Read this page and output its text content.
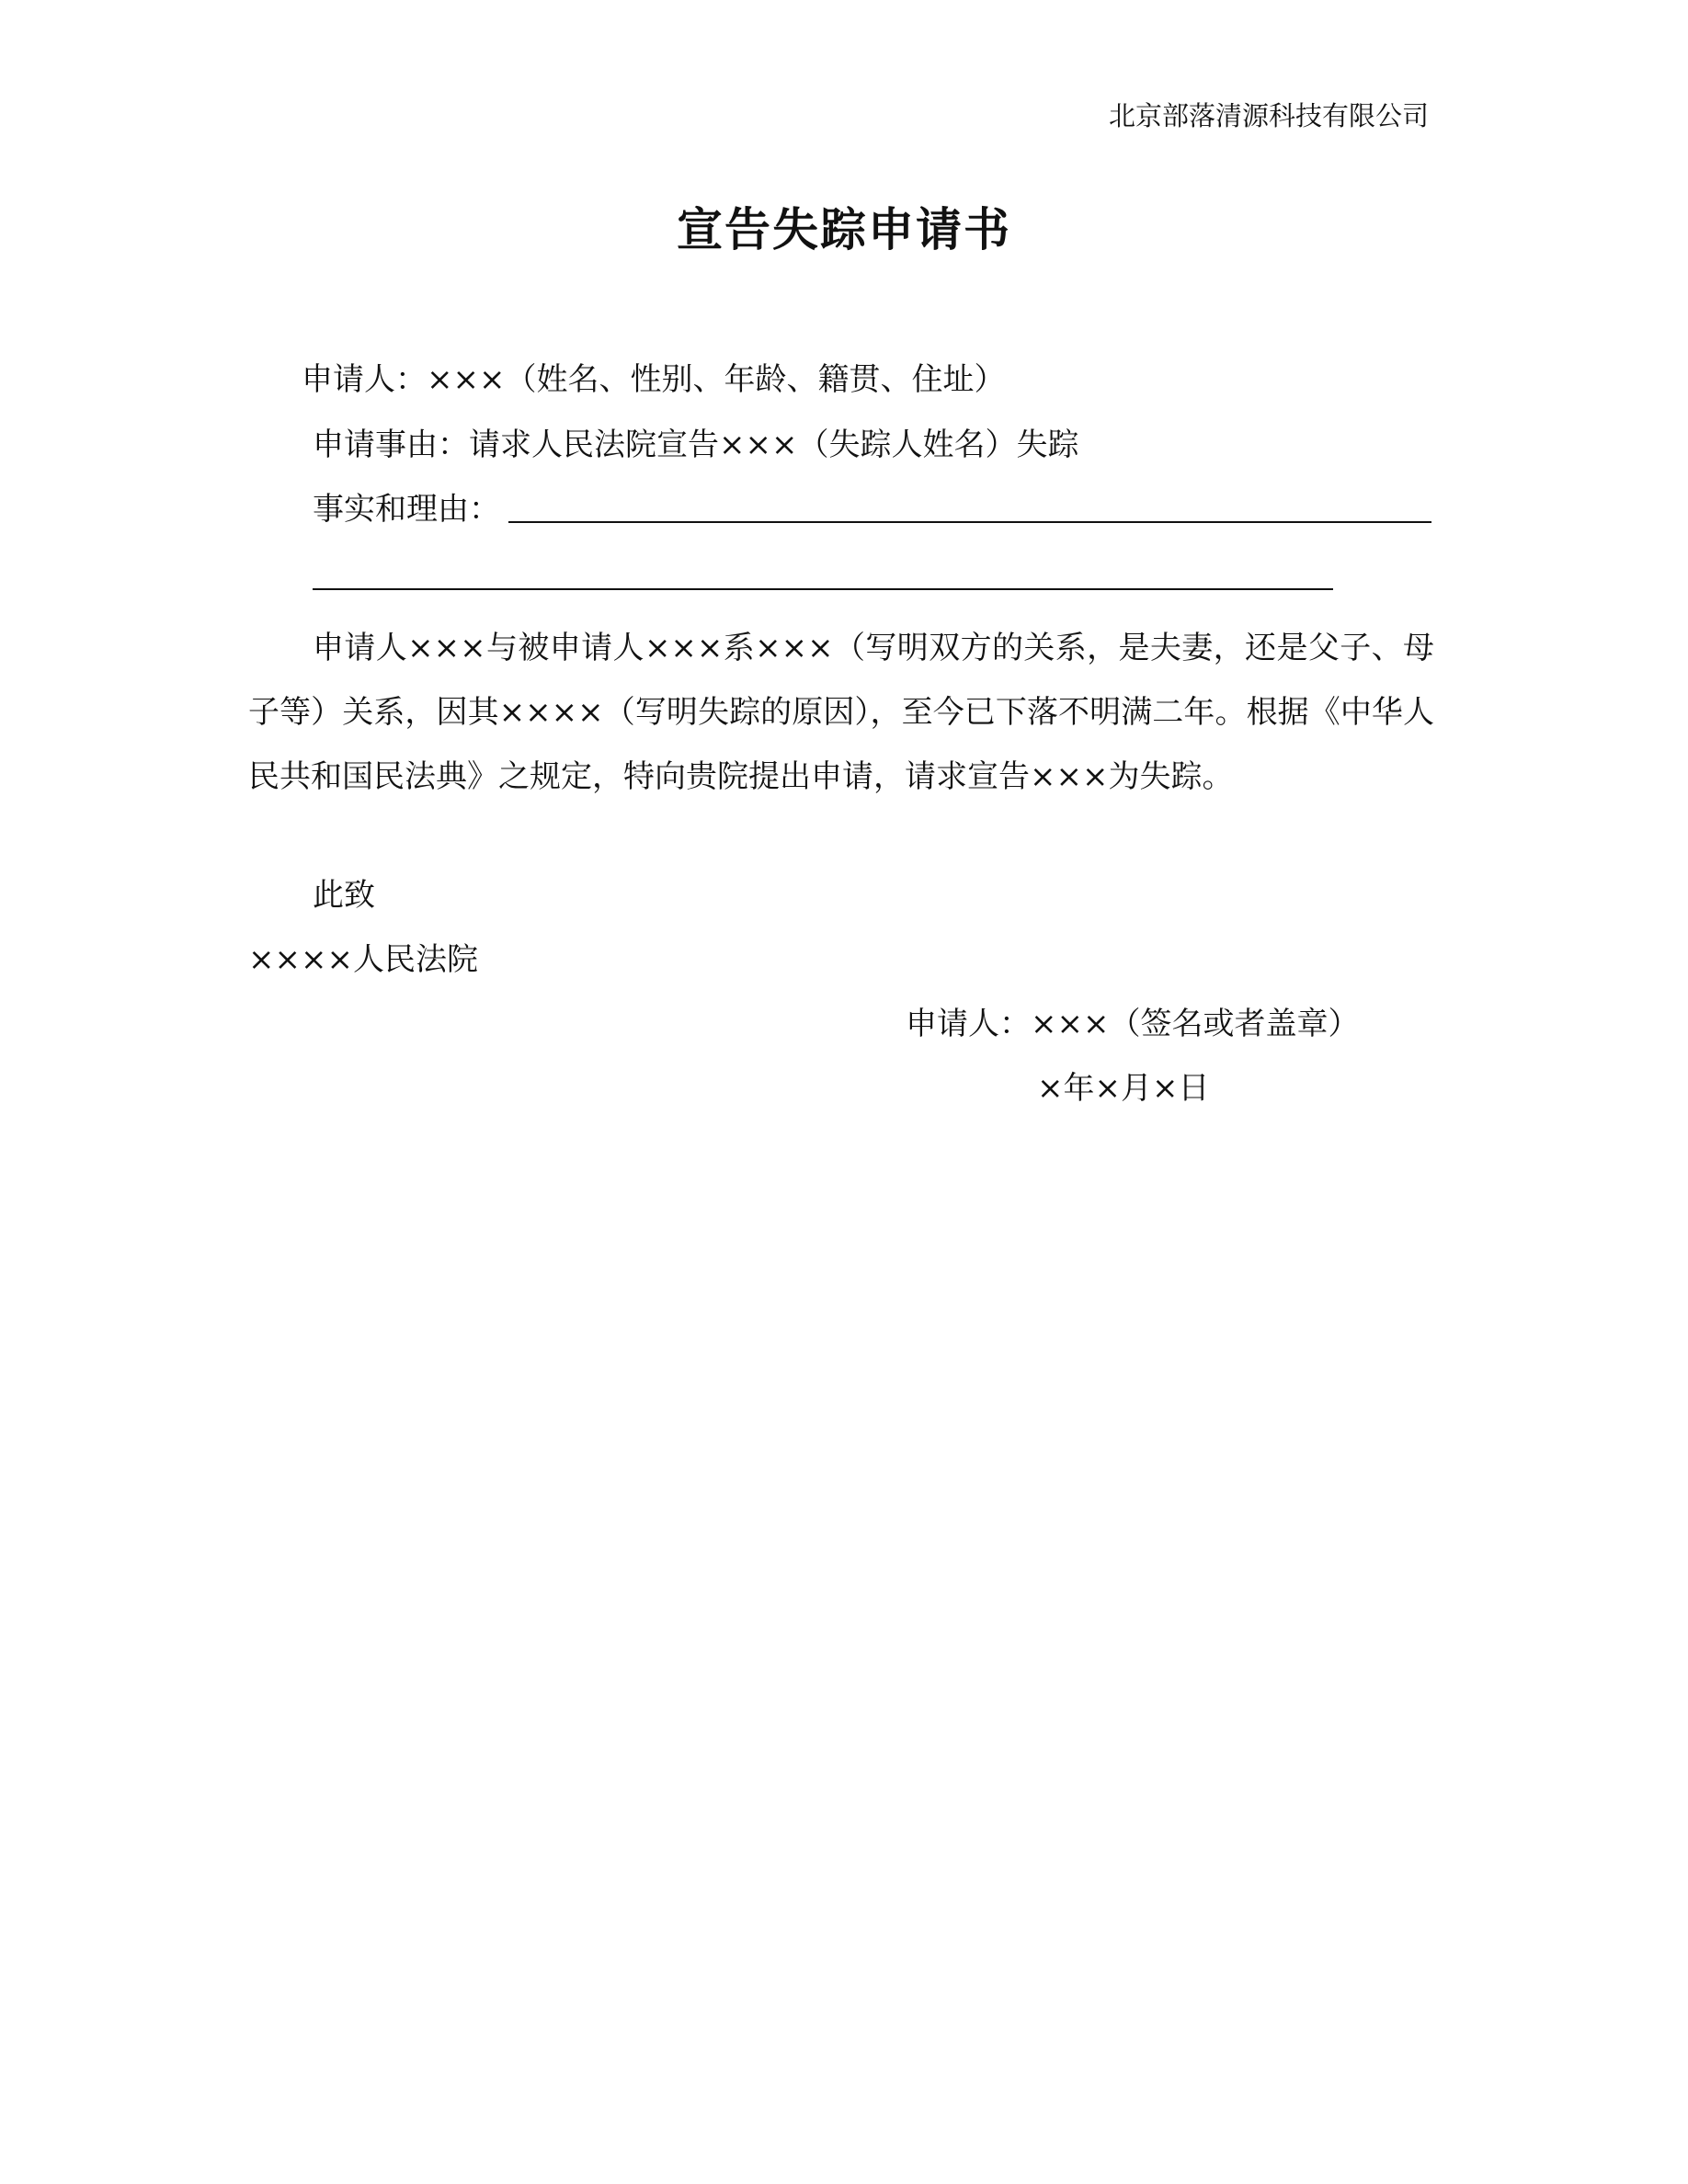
北京部落清源科技有限公司
宣告失踪申请书
申请人：×××（姓名、性别、年龄、籍贯、住址）
申请事由：请求人民法院宣告×××（失踪人姓名）失踪
事实和理由：
申请人×××与被申请人×××系×××（写明双方的关系，是夫妻，还是父子、母子等）关系，因其××××（写明失踪的原因），至今已下落不明满二年。根据《中华人民共和国民法典》之规定，特向贵院提出申请，请求宣告×××为失踪。
此致
××××人民法院
申请人：×××（签名或者盖章）
×年×月×日
